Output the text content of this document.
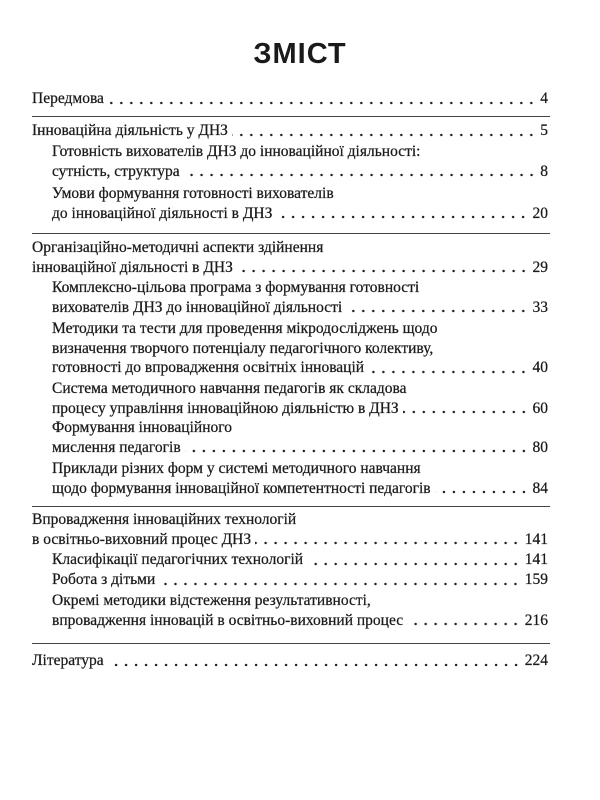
ЗМІСТ
Передмова	4
Інноваційна діяльність у ДНЗ	5
Готовність вихователів ДНЗ до інноваційної діяльності:
сутність, структура	8
Умови формування готовності вихователів
до інноваційної діяльності в ДНЗ	20
Організаційно-методичні аспекти здійнення
інноваційної діяльності в ДНЗ	29
Комплексно-цільова програма з формування готовності
вихователів ДНЗ до інноваційної діяльності	33
Методики та тести для проведення мікродосліджень щодо
визначення творчого потенціалу педагогічного колективу,
готовності до впровадження освітніх інновацій	40
Система методичного навчання педагогів як складова
процесу управління інноваційною діяльністю в ДНЗ	60
Формування інноваційного
мислення педагогів	80
Приклади різних форм у системі методичного навчання
щодо формування інноваційної компетентності педагогів	84
Впровадження інноваційних технологій
в освітньо-виховний процес ДНЗ	141
Класифікації педагогічних технологій	141
Робота з дітьми	159
Окремі методики відстеження результативності,
впровадження інновацій в освітньо-виховний процес	216
Література	224
